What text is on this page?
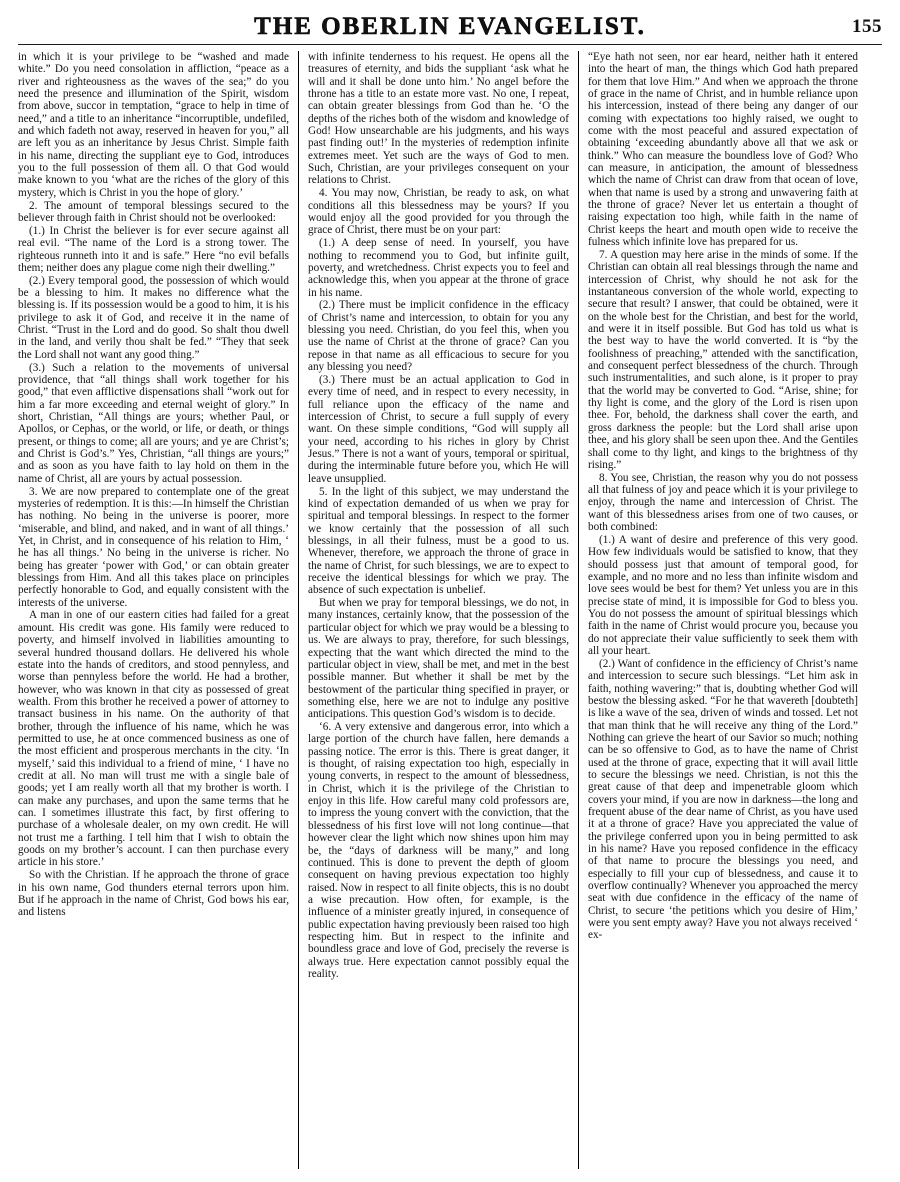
THE OBERLIN EVANGELIST.	155

in which it is your privilege to be “washed and made white.” Do you need consolation in affliction, “peace as a river and righteousness as the waves of the sea;” do you need the presence and illumination of the Spirit, wisdom from above, succor in temptation, “grace to help in time of need,” and a title to an inheritance “incorruptible, undefiled, and which fadeth not away, reserved in heaven for you,” all are left you as an inheritance by Jesus Christ. Simple faith in his name, directing the suppliant eye to God, introduces you to the full possession of them all. O that God would make known to you ‘what are the riches of the glory of this mystery, which is Christ in you the hope of glory.’

2. The amount of temporal blessings secured to the believer through faith in Christ should not be overlooked:

(1.) In Christ the believer is for ever secure against all real evil. “The name of the Lord is a strong tower. The righteous runneth into it and is safe.” Here “no evil befalls them; neither does any plague come nigh their dwelling.”

(2.) Every temporal good, the possession of which would be a blessing to him. It makes no difference what the blessing is. If its possession would be a good to him, it is his privilege to ask it of God, and receive it in the name of Christ. “Trust in the Lord and do good. So shalt thou dwell in the land, and verily thou shalt be fed.” “They that seek the Lord shall not want any good thing.”

(3.) Such a relation to the movements of universal providence, that “all things shall work together for his good,” that even afflictive dispensations shall “work out for him a far more exceeding and eternal weight of glory.” In short, Christian, “All things are yours; whether Paul, or Apollos, or Cephas, or the world, or life, or death, or things present, or things to come; all are yours; and ye are Christ’s; and Christ is God’s.” Yes, Christian, “all things are yours;” and as soon as you have faith to lay hold on them in the name of Christ, all are yours by actual possession.

3. We are now prepared to contemplate one of the great mysteries of redemption. It is this:—In himself the Christian has nothing. No being in the universe is poorer, more ‘miserable, and blind, and naked, and in want of all things.’ Yet, in Christ, and in consequence of his relation to Him, ‘ he has all things.’ No being in the universe is richer. No being has greater ‘power with God,’ or can obtain greater blessings from Him. And all this takes place on principles perfectly honorable to God, and equally consistent with the interests of the universe.

A man in one of our eastern cities had failed for a great amount. His credit was gone. His family were reduced to poverty, and himself involved in liabilities amounting to several hundred thousand dollars. He delivered his whole estate into the hands of creditors, and stood pennyless, and worse than pennyless before the world. He had a brother, however, who was known in that city as possessed of great wealth. From this brother he received a power of attorney to transact business in his name. On the authority of that brother, through the influence of his name, which he was permitted to use, he at once commenced business as one of the most efficient and prosperous merchants in the city. ‘In myself,’ said this individual to a friend of mine, ‘ I have no credit at all. No man will trust me with a single bale of goods; yet I am really worth all that my brother is worth. I can make any purchases, and upon the same terms that he can. I sometimes illustrate this fact, by first offering to purchase of a wholesale dealer, on my own credit. He will not trust me a farthing. I tell him that I wish to obtain the goods on my brother’s account. I can then purchase every article in his store.’

So with the Christian. If he approach the throne of grace in his own name, God thunders eternal terrors upon him. But if he approach in the name of Christ, God bows his ear, and listens

with infinite tenderness to his request. He opens all the treasures of eternity, and bids the suppliant ‘ask what he will and it shall be done unto him.’ No angel before the throne has a title to an estate more vast. No one, I repeat, can obtain greater blessings from God than he. ‘O the depths of the riches both of the wisdom and knowledge of God! How unsearchable are his judgments, and his ways past finding out!’ In the mysteries of redemption infinite extremes meet. Yet such are the ways of God to men. Such, Christian, are your privileges consequent on your relations to Christ.

4. You may now, Christian, be ready to ask, on what conditions all this blessedness may be yours? If you would enjoy all the good provided for you through the grace of Christ, there must be on your part:

(1.) A deep sense of need. In yourself, you have nothing to recommend you to God, but infinite guilt, poverty, and wretchedness. Christ expects you to feel and acknowledge this, when you appear at the throne of grace in his name.

(2.) There must be implicit confidence in the efficacy of Christ’s name and intercession, to obtain for you any blessing you need. Christian, do you feel this, when you use the name of Christ at the throne of grace? Can you repose in that name as all efficacious to secure for you any blessing you need?

(3.) There must be an actual application to God in every time of need, and in respect to every necessity, in full reliance upon the efficacy of the name and intercession of Christ, to secure a full supply of every want. On these simple conditions, “God will supply all your need, according to his riches in glory by Christ Jesus.” There is not a want of yours, temporal or spiritual, during the interminable future before you, which He will leave unsupplied.

5. In the light of this subject, we may understand the kind of expectation demanded of us when we pray for spiritual and temporal blessings. In respect to the former we know certainly that the possession of all such blessings, in all their fulness, must be a good to us. Whenever, therefore, we approach the throne of grace in the name of Christ, for such blessings, we are to expect to receive the identical blessings for which we pray. The absence of such expectation is unbelief.

But when we pray for temporal blessings, we do not, in many instances, certainly know, that the possession of the particular object for which we pray would be a blessing to us. We are always to pray, therefore, for such blessings, expecting that the want which directed the mind to the particular object in view, shall be met, and met in the best possible manner. But whether it shall be met by the bestowment of the particular thing specified in prayer, or something else, here we are not to indulge any positive anticipations. This question God’s wisdom is to decide.

‘6. A very extensive and dangerous error, into which a large portion of the church have fallen, here demands a passing notice. The error is this. There is great danger, it is thought, of raising expectation too high, especially in young converts, in respect to the amount of blessedness, in Christ, which it is the privilege of the Christian to enjoy in this life. How careful many cold professors are, to impress the young convert with the conviction, that the blessedness of his first love will not long continue—that however clear the light which now shines upon him may be, the “days of darkness will be many,” and long continued. This is done to prevent the depth of gloom consequent on having previous expectation too highly raised. Now in respect to all finite objects, this is no doubt a wise precaution. How often, for example, is the influence of a minister greatly injured, in consequence of public expectation having previously been raised too high respecting him. But in respect to the infinite and boundless grace and love of God, precisely the reverse is always true. Here expectation cannot possibly equal the reality.

“Eye hath not seen, nor ear heard, neither hath it entered into the heart of man, the things which God hath prepared for them that love Him.” And when we approach the throne of grace in the name of Christ, and in humble reliance upon his intercession, instead of there being any danger of our coming with expectations too highly raised, we ought to come with the most peaceful and assured expectation of obtaining ‘exceeding abundantly above all that we ask or think.” Who can measure the boundless love of God? Who can measure, in anticipation, the amount of blessedness which the name of Christ can draw from that ocean of love, when that name is used by a strong and unwavering faith at the throne of grace? Never let us entertain a thought of raising expectation too high, while faith in the name of Christ keeps the heart and mouth open wide to receive the fulness which infinite love has prepared for us.

7. A question may here arise in the minds of some. If the Christian can obtain all real blessings through the name and intercession of Christ, why should he not ask for the instantaneous conversion of the whole world, expecting to secure that result? I answer, that could be obtained, were it on the whole best for the Christian, and best for the world, and were it in itself possible. But God has told us what is the best way to have the world converted. It is “by the foolishness of preaching,” attended with the sanctification, and consequent perfect blessedness of the church. Through such instrumentalities, and such alone, is it proper to pray that the world may be converted to God. “Arise, shine; for thy light is come, and the glory of the Lord is risen upon thee. For, behold, the darkness shall cover the earth, and gross darkness the people: but the Lord shall arise upon thee, and his glory shall be seen upon thee. And the Gentiles shall come to thy light, and kings to the brightness of thy rising.”

8. You see, Christian, the reason why you do not possess all that fulness of joy and peace which it is your privilege to enjoy, through the name and intercession of Christ. The want of this blessedness arises from one of two causes, or both combined:

(1.) A want of desire and preference of this very good. How few individuals would be satisfied to know, that they should possess just that amount of temporal good, for example, and no more and no less than infinite wisdom and love sees would be best for them? Yet unless you are in this precise state of mind, it is impossible for God to bless you. You do not possess the amount of spiritual blessings which faith in the name of Christ would procure you, because you do not appreciate their value sufficiently to seek them with all your heart.

(2.) Want of confidence in the efficiency of Christ’s name and intercession to secure such blessings. “Let him ask in faith, nothing wavering:” that is, doubting whether God will bestow the blessing asked. “For he that wavereth [doubteth] is like a wave of the sea, driven of winds and tossed. Let not that man think that he will receive any thing of the Lord.” Nothing can grieve the heart of our Savior so much; nothing can be so offensive to God, as to have the name of Christ used at the throne of grace, expecting that it will avail little to secure the blessings we need. Christian, is not this the great cause of that deep and impenetrable gloom which covers your mind, if you are now in darkness—the long and frequent abuse of the dear name of Christ, as you have used it at a throne of grace? Have you appreciated the value of the privilege conferred upon you in being permitted to ask in his name? Have you reposed confidence in the efficacy of that name to procure the blessings you need, and especially to fill your cup of blessedness, and cause it to overflow continually? Whenever you approached the mercy seat with due confidence in the efficacy of the name of Christ, to secure ‘the petitions which you desire of Him,’ were you sent empty away? Have you not always received ‘ ex-
